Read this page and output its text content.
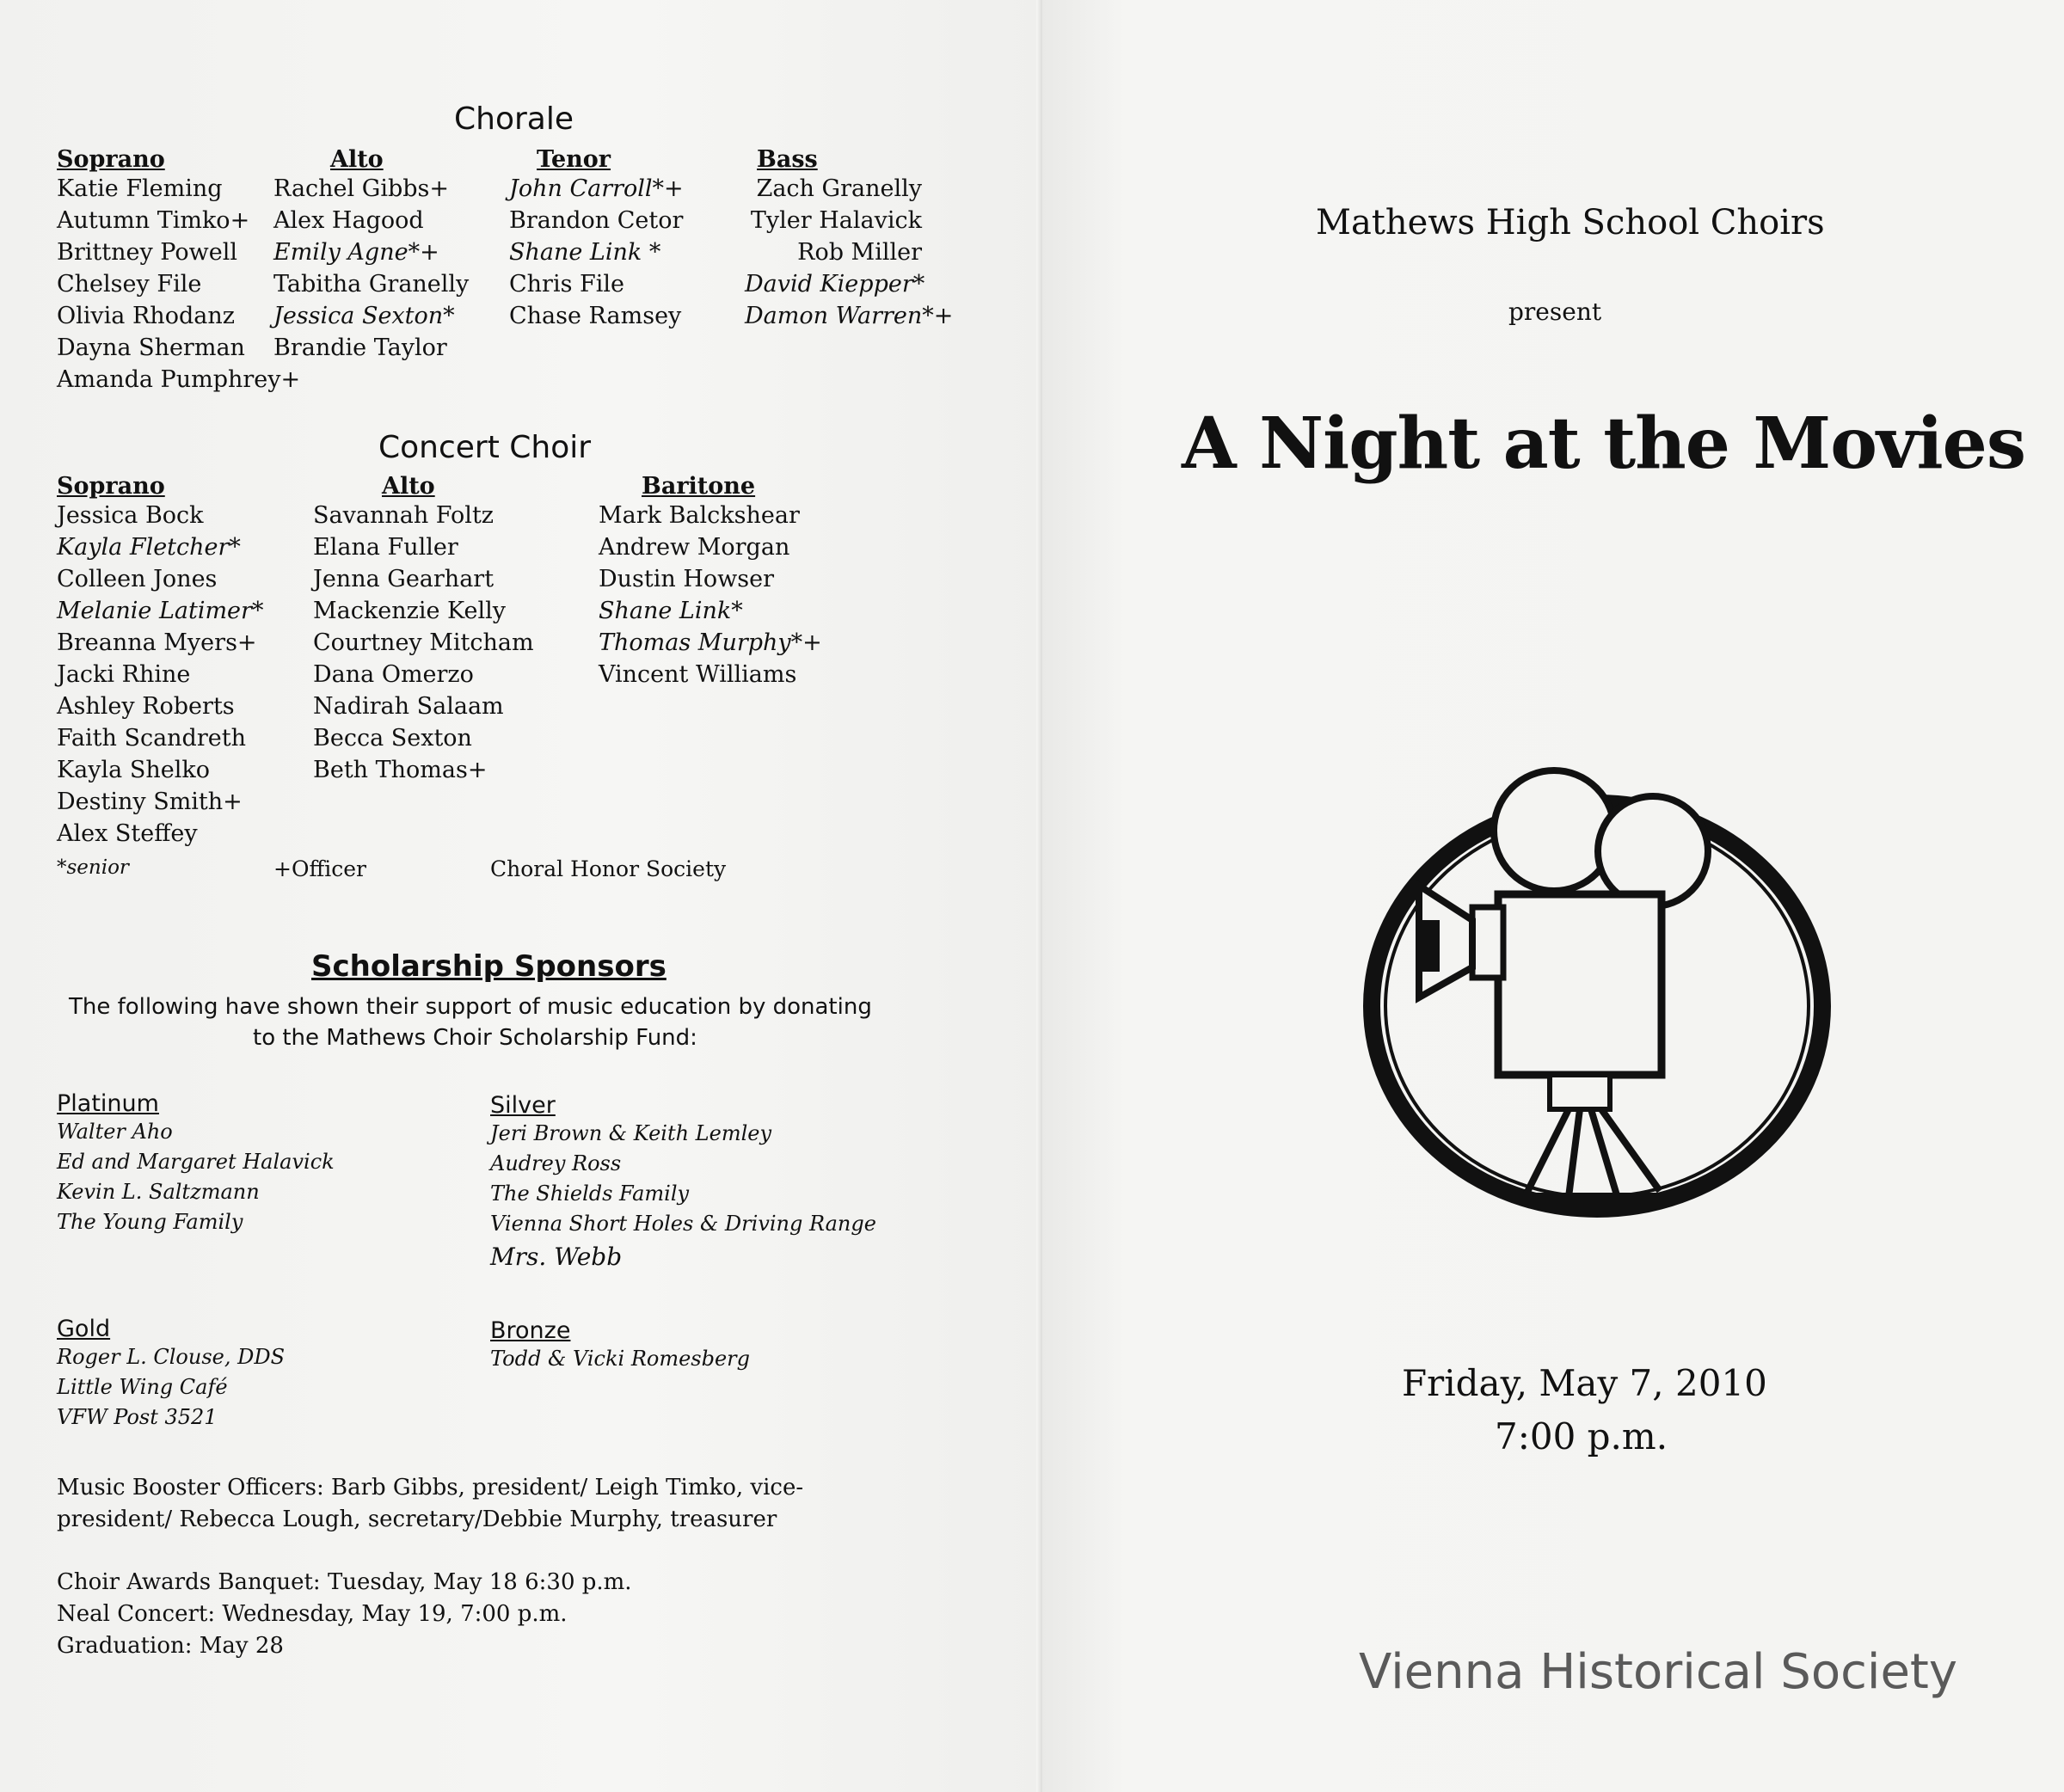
Chorale
Soprano
Katie Fleming
Autumn Timko+
Brittney Powell
Chelsey File
Olivia Rhodanz
Dayna Sherman
Amanda Pumphrey+
Alto
Rachel Gibbs+
Alex Hagood
Emily Agne*+
Tabitha Granelly
Jessica Sexton*
Brandie Taylor
Tenor
John Carroll*+
Brandon Cetor
Shane Link *
Chris File
Chase Ramsey
Bass
Zach Granelly
Tyler Halavick
Rob Miller
David Kiepper*
Damon Warren*+
Concert Choir
Soprano
Jessica Bock
Kayla Fletcher*
Colleen Jones
Melanie Latimer*
Breanna Myers+
Jacki Rhine
Ashley Roberts
Faith Scandreth
Kayla Shelko
Destiny Smith+
Alex Steffey
Alto
Savannah Foltz
Elana Fuller
Jenna Gearhart
Mackenzie Kelly
Courtney Mitcham
Dana Omerzo
Nadirah Salaam
Becca Sexton
Beth Thomas+
Baritone
Mark Balckshear
Andrew Morgan
Dustin Howser
Shane Link*
Thomas Murphy*+
Vincent Williams
*senior	+Officer	Choral Honor Society
Scholarship Sponsors
The following have shown their support of music education by donating
to the Mathews Choir Scholarship Fund:
Platinum
Walter Aho
Ed and Margaret Halavick
Kevin L. Saltzmann
The Young Family
Silver
Jeri Brown & Keith Lemley
Audrey Ross
The Shields Family
Vienna Short Holes & Driving Range
Mrs. Webb
Gold
Roger L. Clouse, DDS
Little Wing Café
VFW Post 3521
Bronze
Todd & Vicki Romesberg
Music Booster Officers: Barb Gibbs, president/ Leigh Timko, vice-
president/ Rebecca Lough, secretary/Debbie Murphy, treasurer
Choir Awards Banquet: Tuesday, May 18 6:30 p.m.
Neal Concert: Wednesday, May 19, 7:00 p.m.
Graduation: May 28
Mathews High School Choirs
present
A Night at the Movies
Friday, May 7, 2010
7:00 p.m.
Vienna Historical Society
